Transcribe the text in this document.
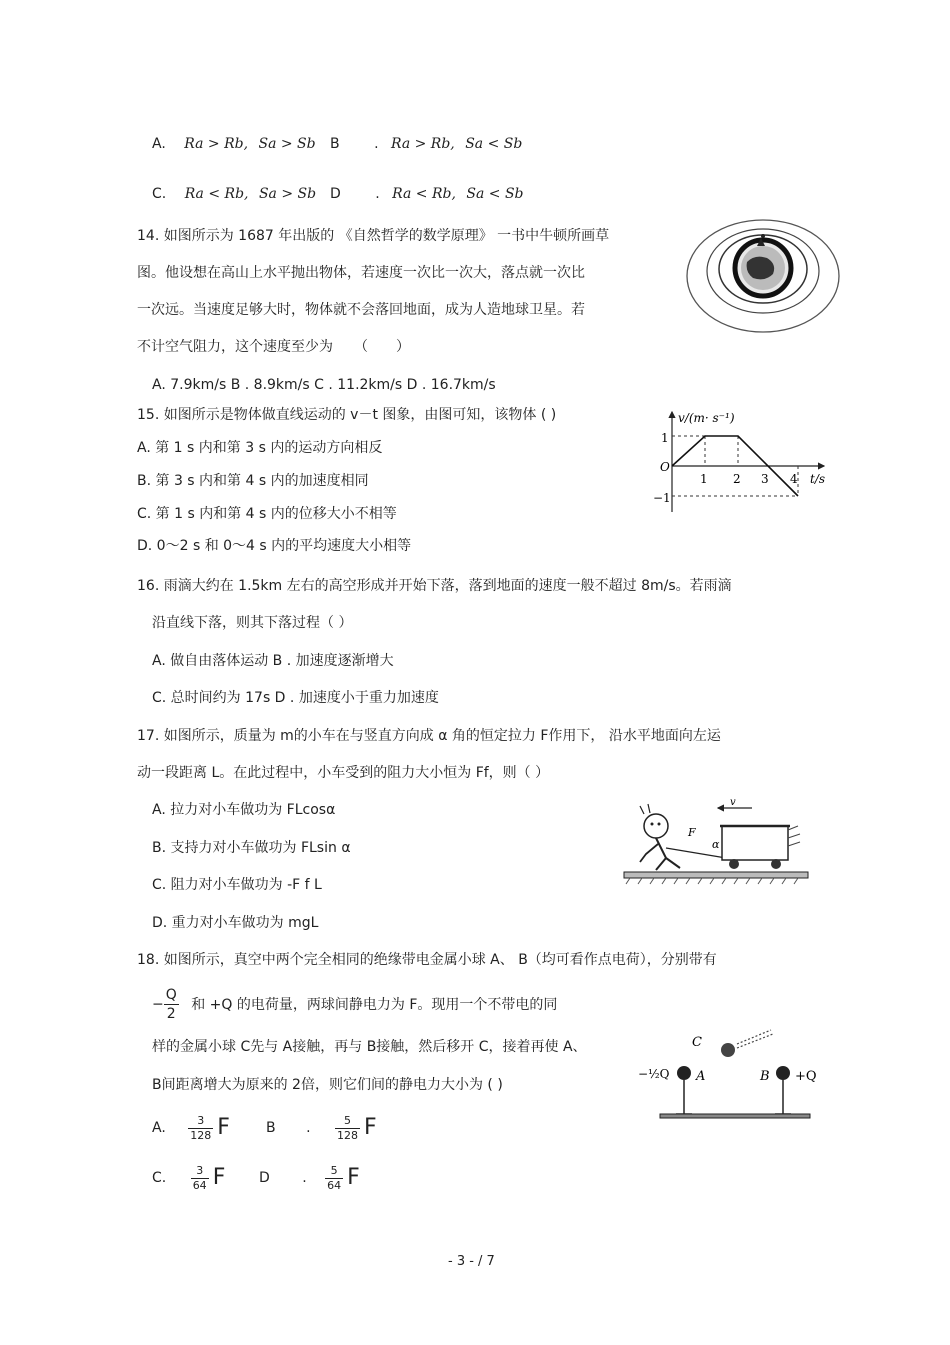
A. Ra > Rb, Sa > Sb B . Ra > Rb, Sa < Sb
C. Ra < Rb, Sa > Sb D . Ra < Rb, Sa < Sb
14. 如图所示为 1687 年出版的 《自然哲学的数学原理》 一书中牛顿所画草
图。他设想在高山上水平抛出物体，若速度一次比一次大，落点就一次比
一次远。当速度足够大时，物体就不会落回地面，成为人造地球卫星。若
不计空气阻力，这个速度至少为　　（　　）
A. 7.9km/s B . 8.9km/s C . 11.2km/s D . 16.7km/s
15. 如图所示是物体做直线运动的 v－t 图象，由图可知，该物体 ( )
A. 第 1 s 内和第 3 s 内的运动方向相反
B. 第 3 s 内和第 4 s 内的加速度相同
C. 第 1 s 内和第 4 s 内的位移大小不相等
D. 0～2 s 和 0～4 s 内的平均速度大小相等
v/(m· s⁻¹)
t/s
O
1
−1
1 2 3 4
16. 雨滴大约在 1.5km 左右的高空形成并开始下落，落到地面的速度一般不超过 8m/s。若雨滴
沿直线下落，则其下落过程（ ）
A. 做自由落体运动 B . 加速度逐渐增大
C. 总时间约为 17s D . 加速度小于重力加速度
17. 如图所示，质量为 m的小车在与竖直方向成 α 角的恒定拉力 F作用下， 沿水平地面向左运
动一段距离 L。在此过程中，小车受到的阻力大小恒为 Ff，则（ ）
A. 拉力对小车做功为 FLcosα
B. 支持力对小车做功为 FLsin α
C. 阻力对小车做功为 -F f L
D. 重力对小车做功为 mgL
v
F
α
18. 如图所示，真空中两个完全相同的绝缘带电金属小球 A、 B（均可看作点电荷），分别带有
− $\frac{Q}{2}$ 和 +Q 的电荷量，两球间静电力为 F。现用一个不带电的同
样的金属小球 C先与 A接触，再与 B接触，然后移开 C，接着再使 A、
B间距离增大为原来的 2倍，则它们间的静电力大小为 ( )
A. $\frac{3}{128}$ F	B . $\frac{5}{128}$ F
C. $\frac{3}{64}$ F D . $\frac{5}{64}$ F
C
−½Q A	B +Q
- 3 - / 7
